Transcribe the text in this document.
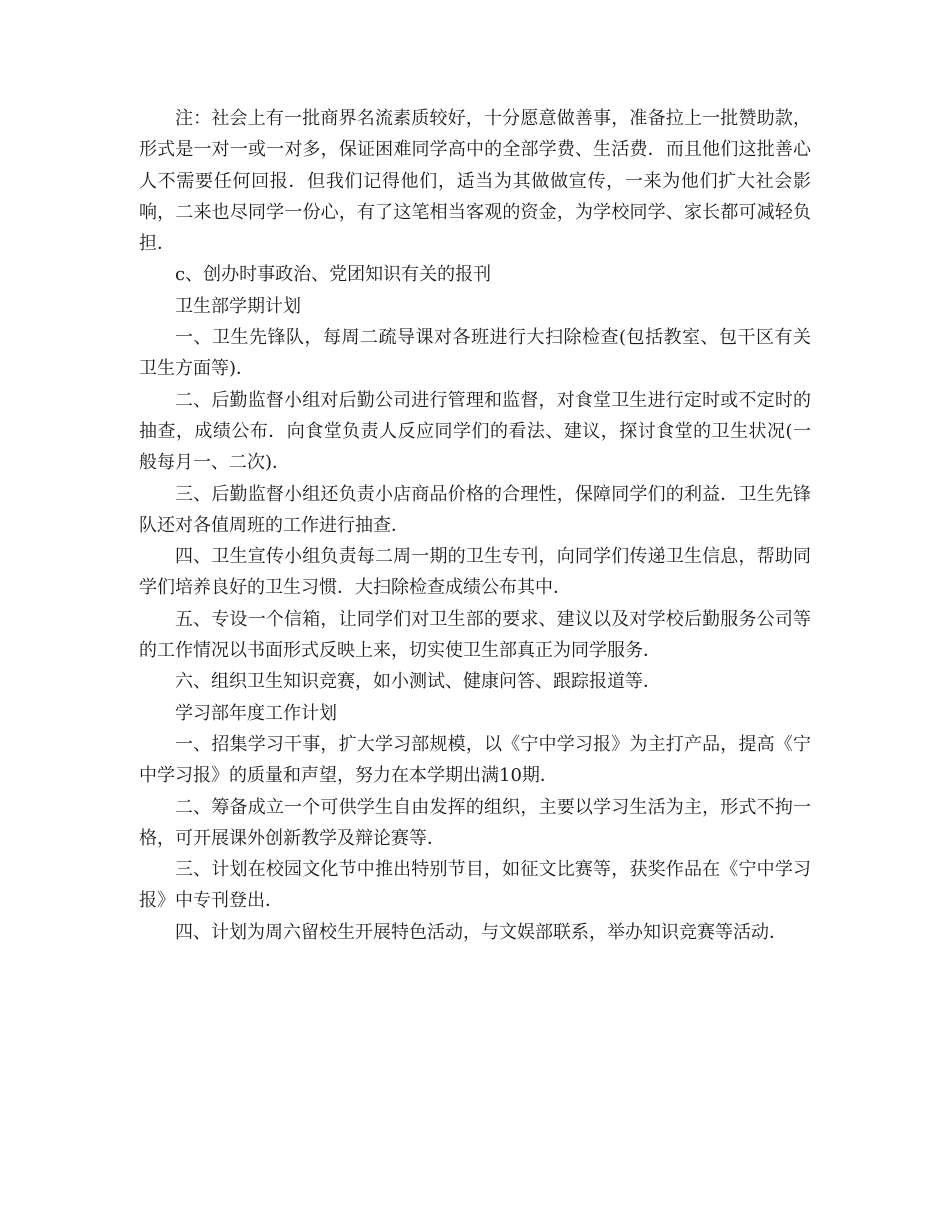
注：社会上有一批商界名流素质较好，十分愿意做善事，准备拉上一批赞助款，形式是一对一或一对多，保证困难同学高中的全部学费、生活费．而且他们这批善心人不需要任何回报．但我们记得他们，适当为其做做宣传，一来为他们扩大社会影响，二来也尽同学一份心，有了这笔相当客观的资金，为学校同学、家长都可减轻负担．

c、创办时事政治、党团知识有关的报刊

卫生部学期计划

一、卫生先锋队，每周二疏导课对各班进行大扫除检查(包括教室、包干区有关卫生方面等)．

二、后勤监督小组对后勤公司进行管理和监督，对食堂卫生进行定时或不定时的抽查，成绩公布．向食堂负责人反应同学们的看法、建议，探讨食堂的卫生状况(一般每月一、二次)．

三、后勤监督小组还负责小店商品价格的合理性，保障同学们的利益．卫生先锋队还对各值周班的工作进行抽查．

四、卫生宣传小组负责每二周一期的卫生专刊，向同学们传递卫生信息，帮助同学们培养良好的卫生习惯．大扫除检查成绩公布其中．

五、专设一个信箱，让同学们对卫生部的要求、建议以及对学校后勤服务公司等的工作情况以书面形式反映上来，切实使卫生部真正为同学服务．

六、组织卫生知识竞赛，如小测试、健康问答、跟踪报道等．

学习部年度工作计划

一、招集学习干事，扩大学习部规模，以《宁中学习报》为主打产品，提高《宁中学习报》的质量和声望，努力在本学期出满10期．

二、筹备成立一个可供学生自由发挥的组织，主要以学习生活为主，形式不拘一格，可开展课外创新教学及辩论赛等．

三、计划在校园文化节中推出特别节目，如征文比赛等，获奖作品在《宁中学习报》中专刊登出．

四、计划为周六留校生开展特色活动，与文娱部联系，举办知识竞赛等活动．
